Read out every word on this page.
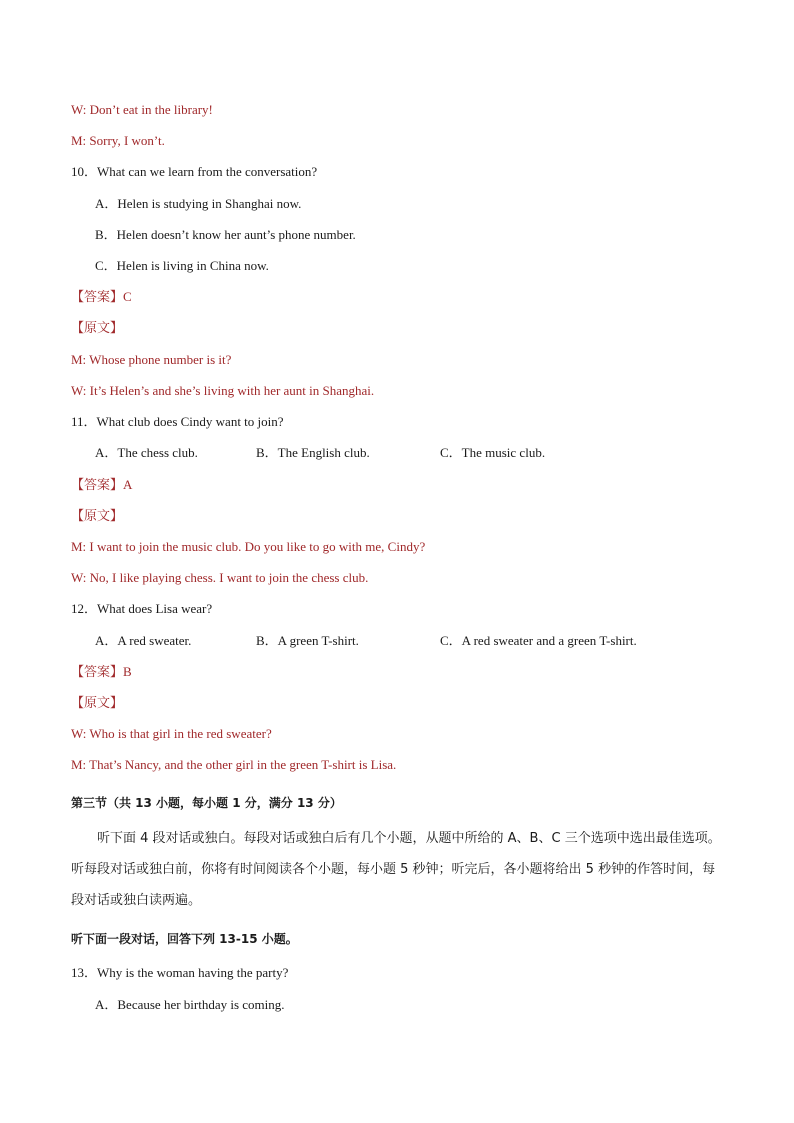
W: Don’t eat in the library!
M: Sorry, I won’t.
10．What can we learn from the conversation?
A．Helen is studying in Shanghai now.
B．Helen doesn’t know her aunt’s phone number.
C．Helen is living in China now.
【答案】C
【原文】
M: Whose phone number is it?
W: It’s Helen’s and she’s living with her aunt in Shanghai.
11．What club does Cindy want to join?
A．The chess club.	B．The English club.	C．The music club.
【答案】A
【原文】
M: I want to join the music club. Do you like to go with me, Cindy?
W: No, I like playing chess. I want to join the chess club.
12．What does Lisa wear?
A．A red sweater.	B．A green T-shirt.	C．A red sweater and a green T-shirt.
【答案】B
【原文】
W: Who is that girl in the red sweater?
M: That’s Nancy, and the other girl in the green T-shirt is Lisa.
第三节（共 13 小题，每小题 1 分，满分 13 分）
听下面 4 段对话或独白。每段对话或独白后有几个小题，从题中所给的 A、B、C 三个选项中选出最佳选项。听每段对话或独白前，你将有时间阅读各个小题，每小题 5 秒钟；听完后，各小题将给出 5 秒钟的作答时间，每段对话或独白读两遍。
听下面一段对话，回答下列 13-15 小题。
13．Why is the woman having the party?
A．Because her birthday is coming.
